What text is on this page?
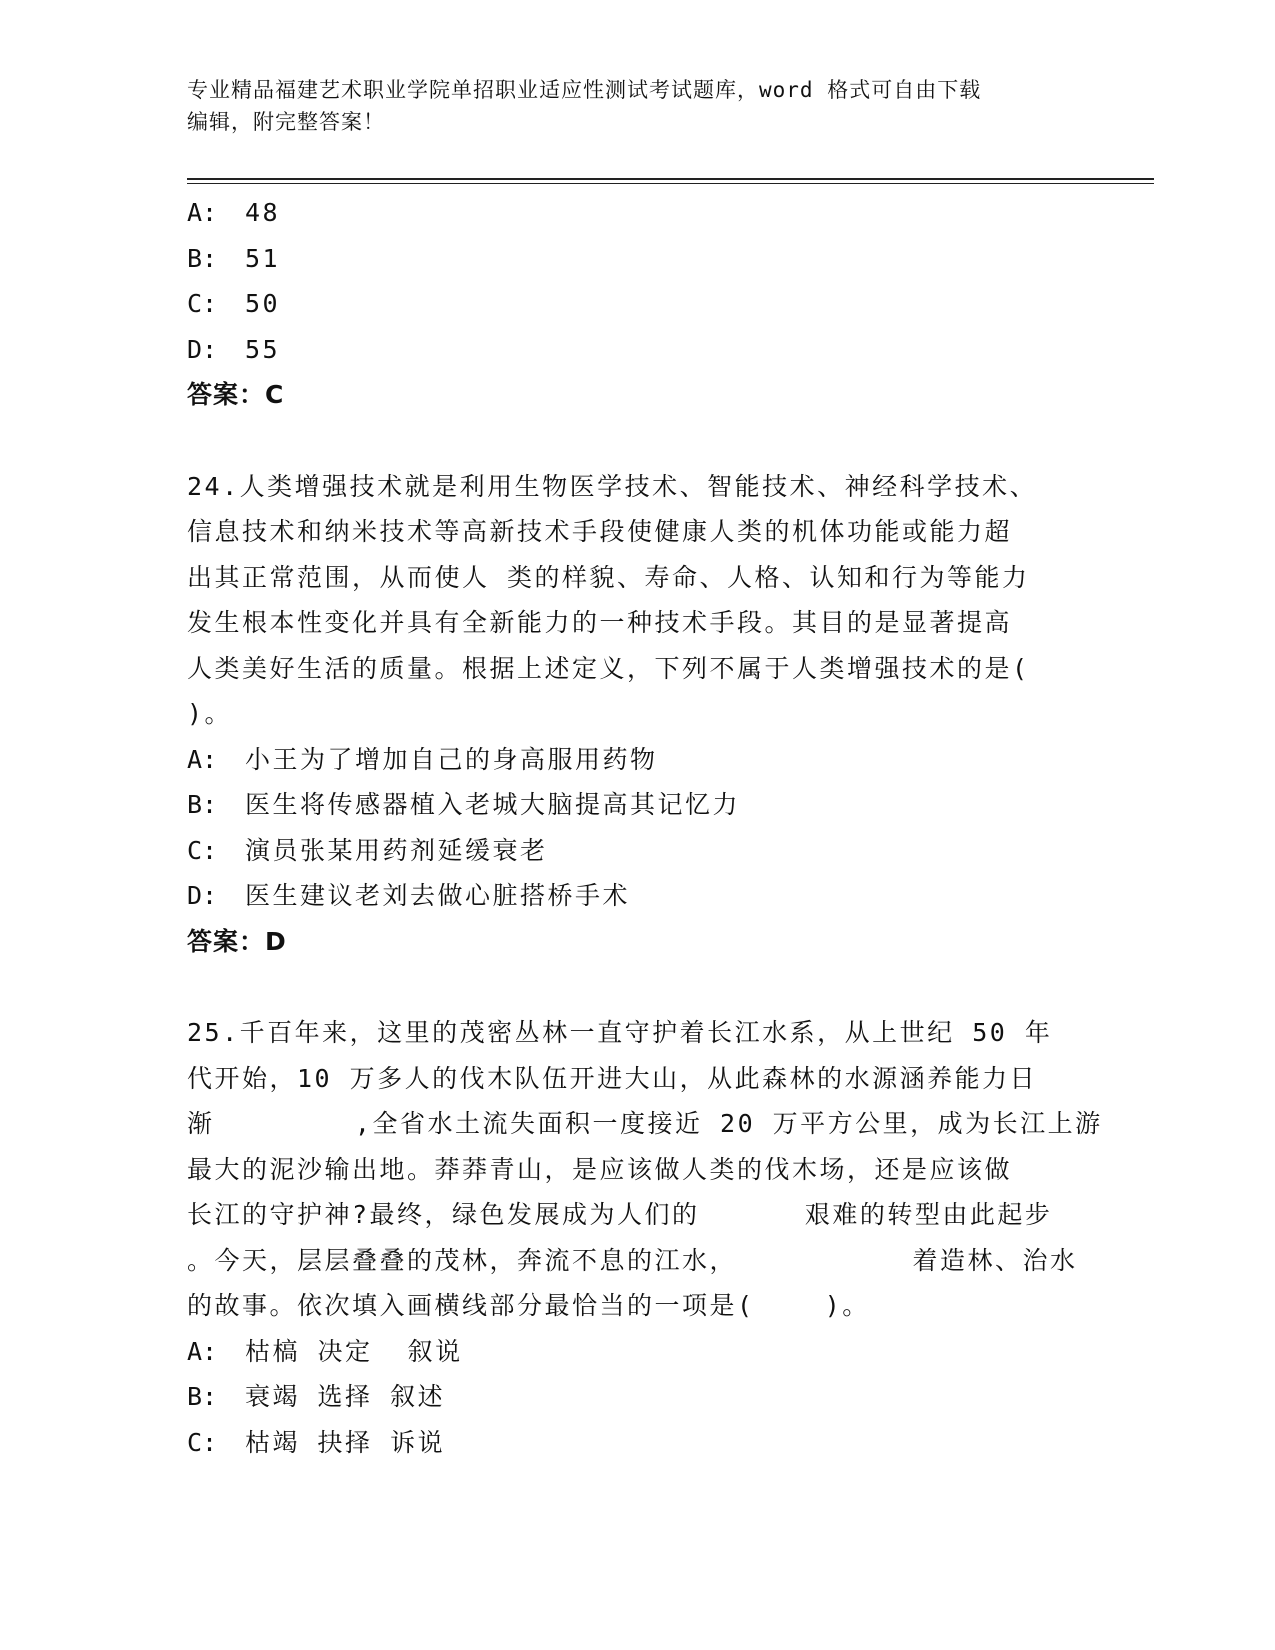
专业精品福建艺术职业学院单招职业适应性测试考试题库，word 格式可自由下载
编辑，附完整答案！
A: 48
B: 51
C: 50
D: 55
答案：C
24.人类增强技术就是利用生物医学技术、智能技术、神经科学技术、
信息技术和纳米技术等高新技术手段使健康人类的机体功能或能力超
出其正常范围，从而使人 类的样貌、寿命、人格、认知和行为等能力
发生根本性变化并具有全新能力的一种技术手段。其目的是显著提高
人类美好生活的质量。根据上述定义，下列不属于人类增强技术的是(
)。
A: 小王为了增加自己的身高服用药物
B: 医生将传感器植入老城大脑提高其记忆力
C: 演员张某用药剂延缓衰老
D: 医生建议老刘去做心脏搭桥手术
答案：D
25.千百年来，这里的茂密丛林一直守护着长江水系，从上世纪 50 年
代开始，10 万多人的伐木队伍开进大山，从此森林的水源涵养能力日
渐        ,全省水土流失面积一度接近 20 万平方公里，成为长江上游
最大的泥沙输出地。莽莽青山，是应该做人类的伐木场，还是应该做
长江的守护神?最终，绿色发展成为人们的      艰难的转型由此起步
。今天，层层叠叠的茂林，奔流不息的江水，          着造林、治水
的故事。依次填入画横线部分最恰当的一项是(    )。
A: 枯槁 决定  叙说
B: 衰竭 选择 叙述
C: 枯竭 抉择 诉说
